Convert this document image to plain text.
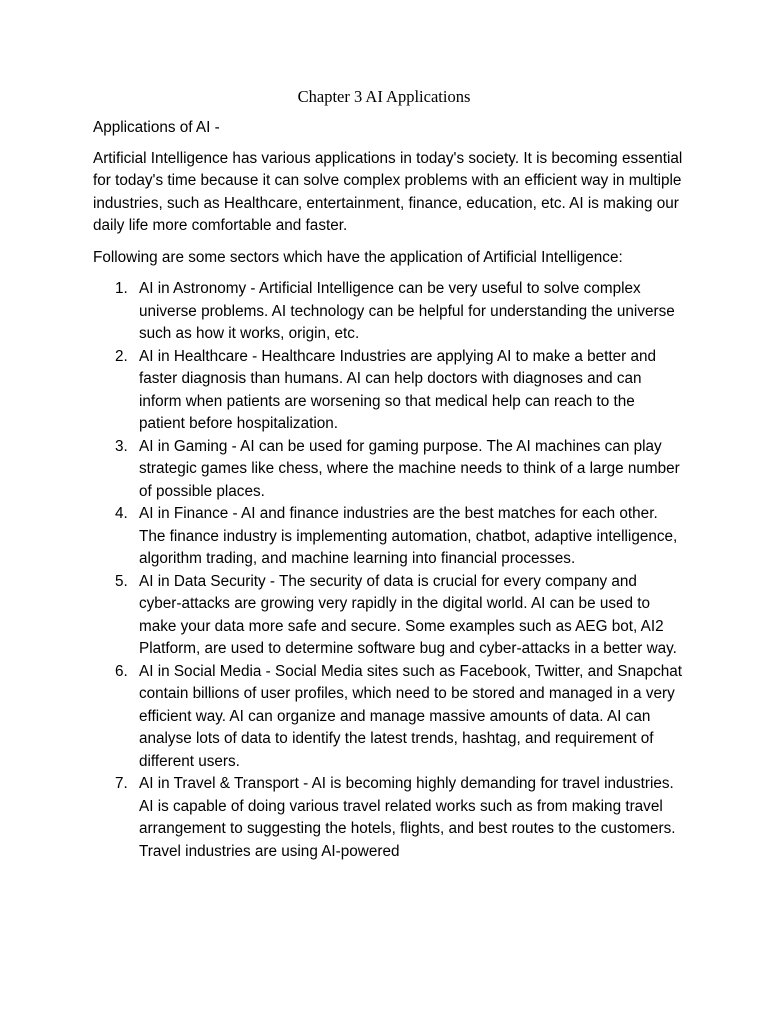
Chapter 3 AI Applications

Applications of AI -

Artificial Intelligence has various applications in today's society. It is becoming essential for today's time because it can solve complex problems with an efficient way in multiple industries, such as Healthcare, entertainment, finance, education, etc. AI is making our daily life more comfortable and faster.

Following are some sectors which have the application of Artificial Intelligence:

1. AI in Astronomy - Artificial Intelligence can be very useful to solve complex universe problems. AI technology can be helpful for understanding the universe such as how it works, origin, etc.
2. AI in Healthcare - Healthcare Industries are applying AI to make a better and faster diagnosis than humans. AI can help doctors with diagnoses and can inform when patients are worsening so that medical help can reach to the patient before hospitalization.
3. AI in Gaming - AI can be used for gaming purpose. The AI machines can play strategic games like chess, where the machine needs to think of a large number of possible places.
4. AI in Finance - AI and finance industries are the best matches for each other. The finance industry is implementing automation, chatbot, adaptive intelligence, algorithm trading, and machine learning into financial processes.
5. AI in Data Security - The security of data is crucial for every company and cyber-attacks are growing very rapidly in the digital world. AI can be used to make your data more safe and secure. Some examples such as AEG bot, AI2 Platform, are used to determine software bug and cyber-attacks in a better way.
6. AI in Social Media - Social Media sites such as Facebook, Twitter, and Snapchat contain billions of user profiles, which need to be stored and managed in a very efficient way. AI can organize and manage massive amounts of data. AI can analyse lots of data to identify the latest trends, hashtag, and requirement of different users.
7. AI in Travel & Transport - AI is becoming highly demanding for travel industries. AI is capable of doing various travel related works such as from making travel arrangement to suggesting the hotels, flights, and best routes to the customers. Travel industries are using AI-powered
